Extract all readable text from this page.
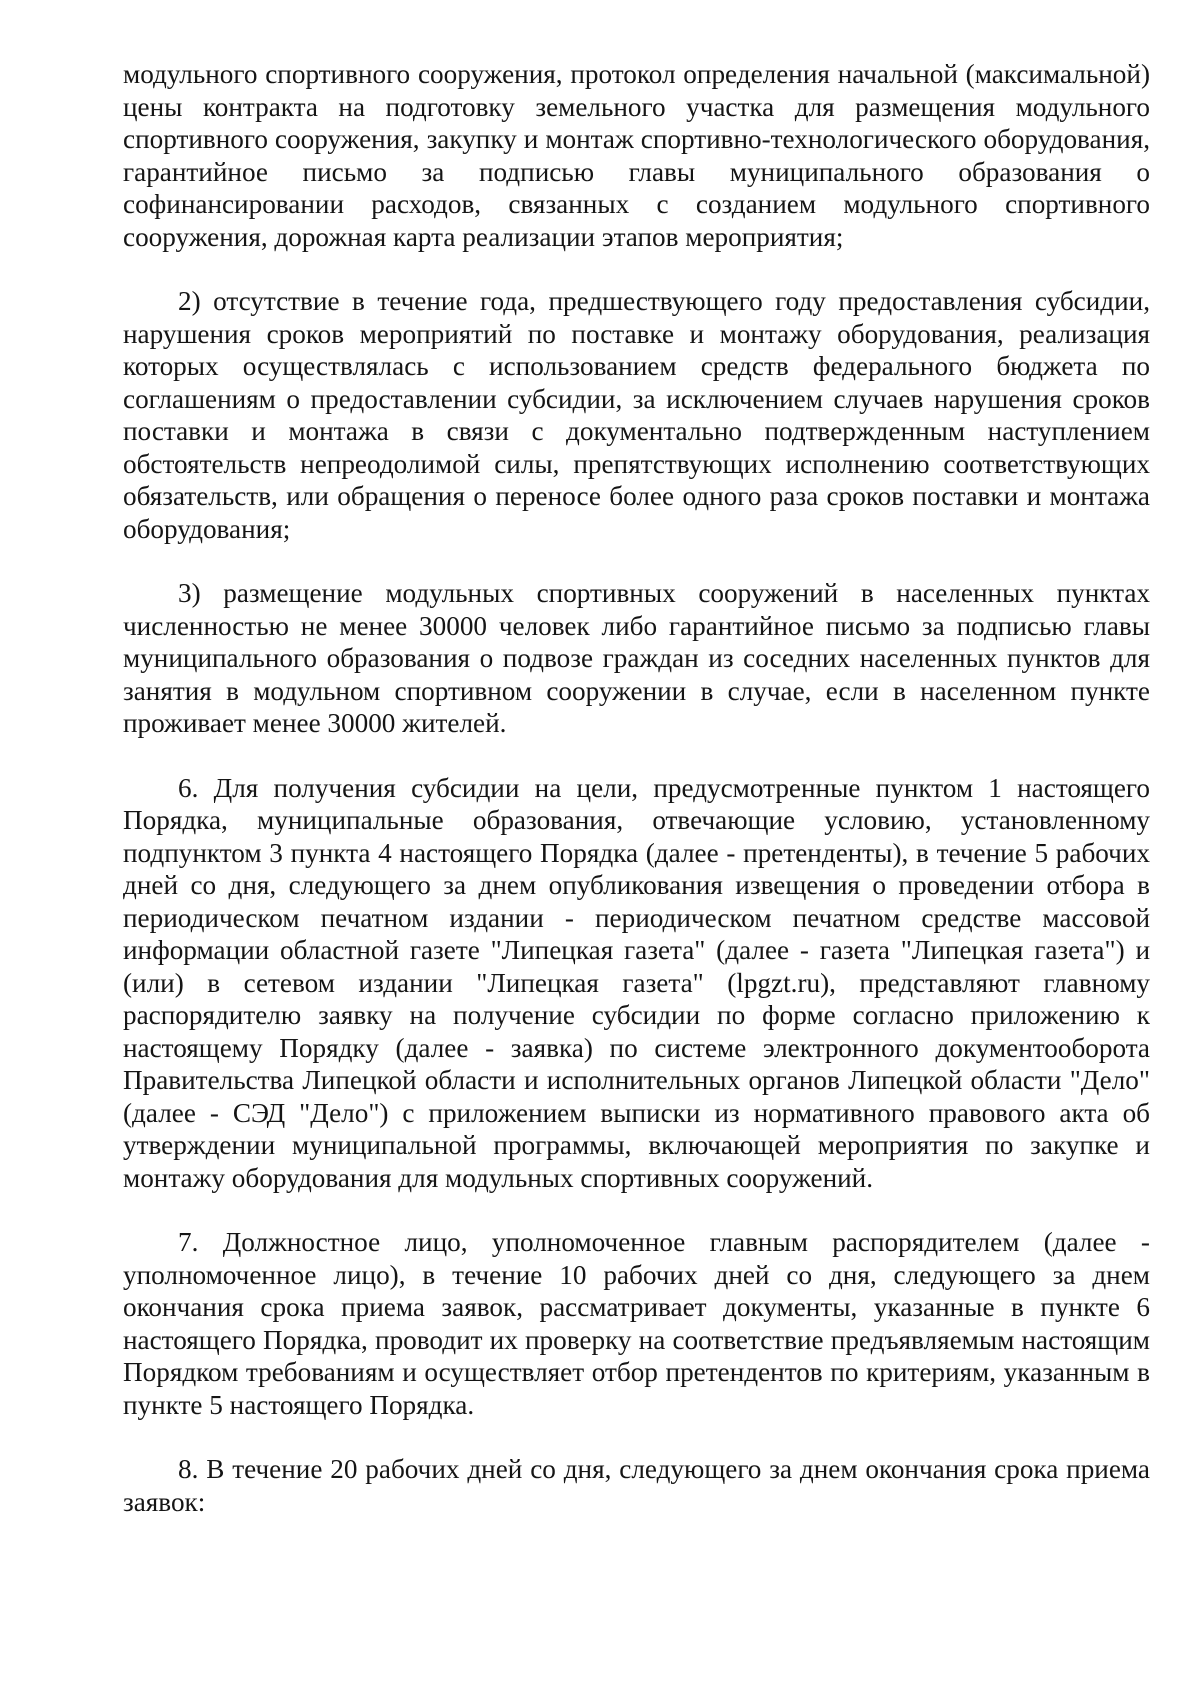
модульного спортивного сооружения, протокол определения начальной (максимальной) цены контракта на подготовку земельного участка для размещения модульного спортивного сооружения, закупку и монтаж спортивно-технологического оборудования, гарантийное письмо за подписью главы муниципального образования о софинансировании расходов, связанных с созданием модульного спортивного сооружения, дорожная карта реализации этапов мероприятия;

2) отсутствие в течение года, предшествующего году предоставления субсидии, нарушения сроков мероприятий по поставке и монтажу оборудования, реализация которых осуществлялась с использованием средств федерального бюджета по соглашениям о предоставлении субсидии, за исключением случаев нарушения сроков поставки и монтажа в связи с документально подтвержденным наступлением обстоятельств непреодолимой силы, препятствующих исполнению соответствующих обязательств, или обращения о переносе более одного раза сроков поставки и монтажа оборудования;

3) размещение модульных спортивных сооружений в населенных пунктах численностью не менее 30000 человек либо гарантийное письмо за подписью главы муниципального образования о подвозе граждан из соседних населенных пунктов для занятия в модульном спортивном сооружении в случае, если в населенном пункте проживает менее 30000 жителей.

6. Для получения субсидии на цели, предусмотренные пунктом 1 настоящего Порядка, муниципальные образования, отвечающие условию, установленному подпунктом 3 пункта 4 настоящего Порядка (далее - претенденты), в течение 5 рабочих дней со дня, следующего за днем опубликования извещения о проведении отбора в периодическом печатном издании - периодическом печатном средстве массовой информации областной газете "Липецкая газета" (далее - газета "Липецкая газета") и (или) в сетевом издании "Липецкая газета" (lpgzt.ru), представляют главному распорядителю заявку на получение субсидии по форме согласно приложению к настоящему Порядку (далее - заявка) по системе электронного документооборота Правительства Липецкой области и исполнительных органов Липецкой области "Дело" (далее - СЭД "Дело") с приложением выписки из нормативного правового акта об утверждении муниципальной программы, включающей мероприятия по закупке и монтажу оборудования для модульных спортивных сооружений.

7. Должностное лицо, уполномоченное главным распорядителем (далее - уполномоченное лицо), в течение 10 рабочих дней со дня, следующего за днем окончания срока приема заявок, рассматривает документы, указанные в пункте 6 настоящего Порядка, проводит их проверку на соответствие предъявляемым настоящим Порядком требованиям и осуществляет отбор претендентов по критериям, указанным в пункте 5 настоящего Порядка.

8. В течение 20 рабочих дней со дня, следующего за днем окончания срока приема заявок:
